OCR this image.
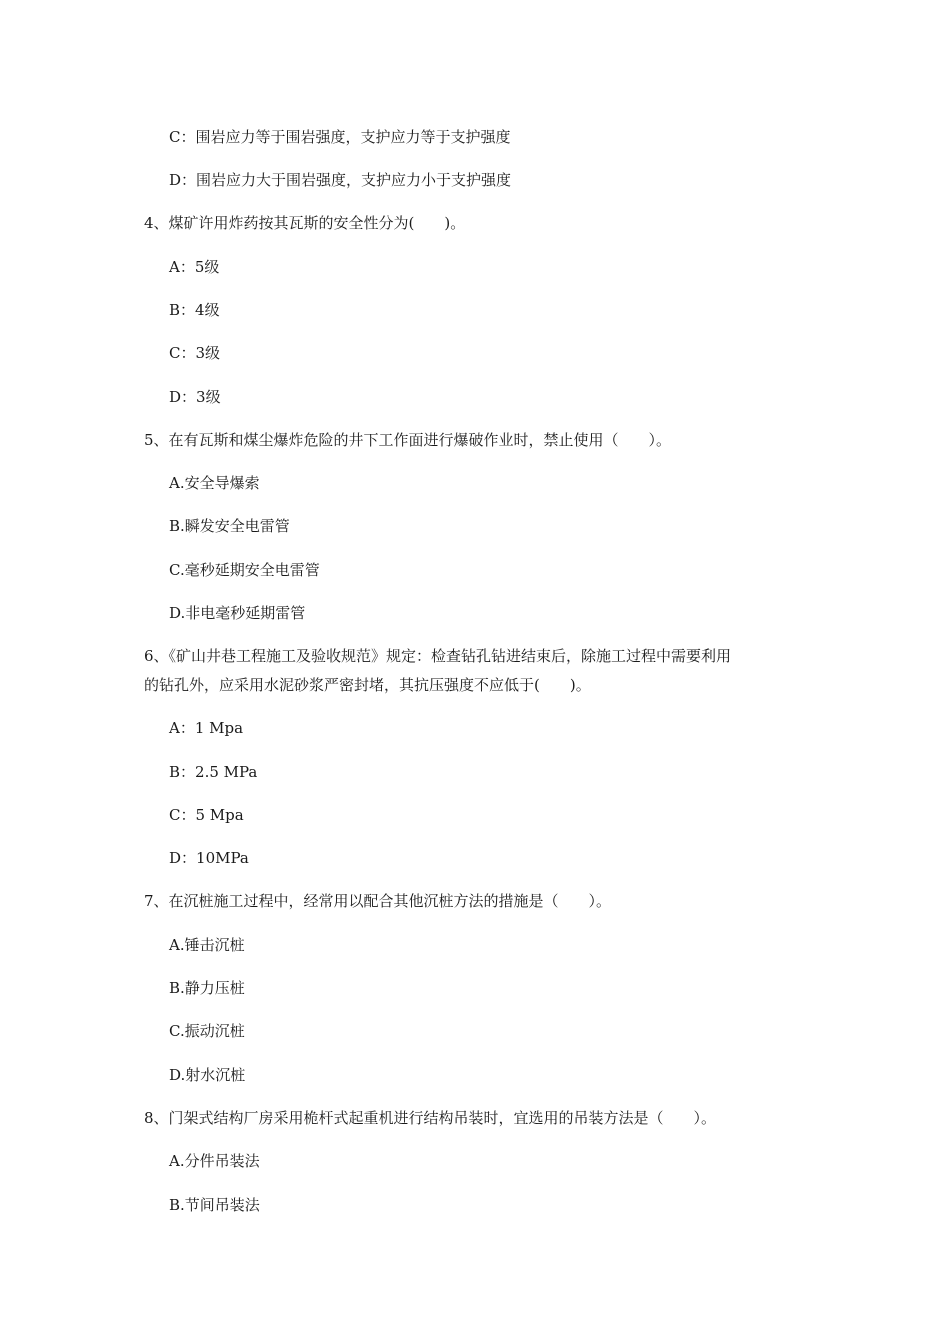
C：围岩应力等于围岩强度，支护应力等于支护强度
D：围岩应力大于围岩强度，支护应力小于支护强度
4、煤矿许用炸药按其瓦斯的安全性分为(　　)。
A：5级
B：4级
C：3级
D：3级
5、在有瓦斯和煤尘爆炸危险的井下工作面进行爆破作业时，禁止使用（　　）。
A.安全导爆索
B.瞬发安全电雷管
C.毫秒延期安全电雷管
D.非电毫秒延期雷管
6、《矿山井巷工程施工及验收规范》规定：检查钻孔钻进结束后，除施工过程中需要利用
的钻孔外，应采用水泥砂浆严密封堵，其抗压强度不应低于(　　)。
A：1 Mpa
B：2.5 MPa
C：5 Mpa
D：10MPa
7、在沉桩施工过程中，经常用以配合其他沉桩方法的措施是（　　）。
A.锤击沉桩
B.静力压桩
C.振动沉桩
D.射水沉桩
8、门架式结构厂房采用桅杆式起重机进行结构吊装时，宜选用的吊装方法是（　　）。
A.分件吊装法
B.节间吊装法
